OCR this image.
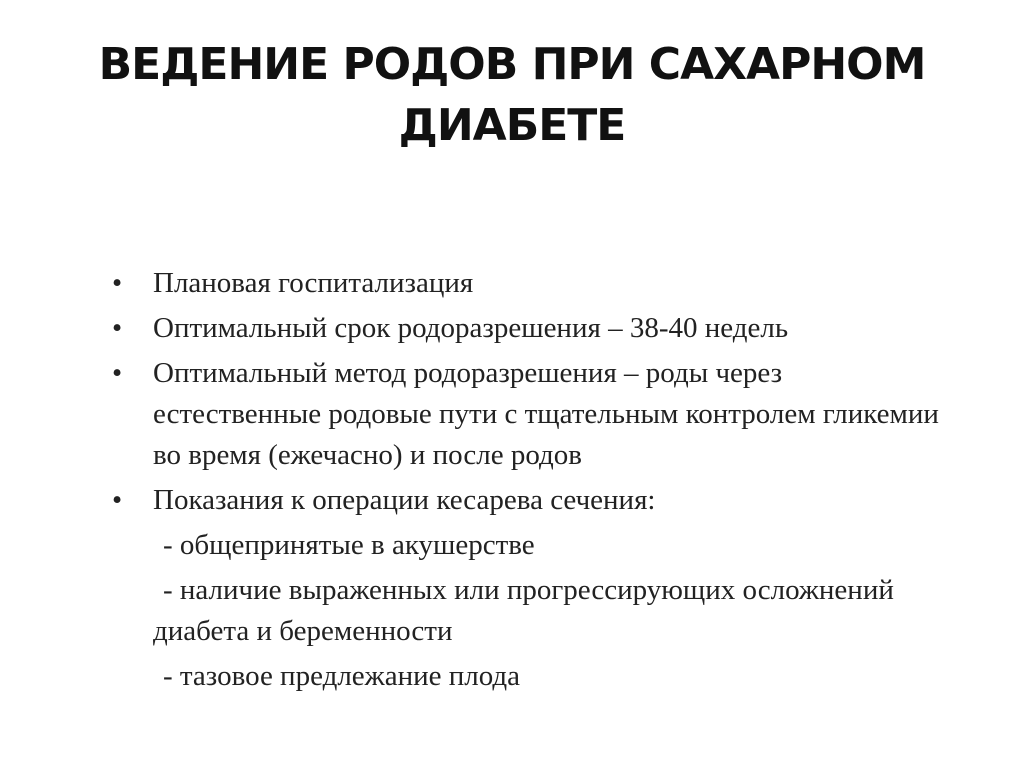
ВЕДЕНИЕ РОДОВ ПРИ САХАРНОМ
ДИАБЕТЕ
• Плановая госпитализация
• Оптимальный срок родоразрешения – 38-40 недель
• Оптимальный метод родоразрешения – роды через естественные родовые пути с тщательным контролем гликемии во время (ежечасно) и после родов
• Показания к операции кесарева сечения:
- общепринятые в акушерстве
- наличие выраженных или прогрессирующих осложнений диабета и беременности
- тазовое предлежание плода
